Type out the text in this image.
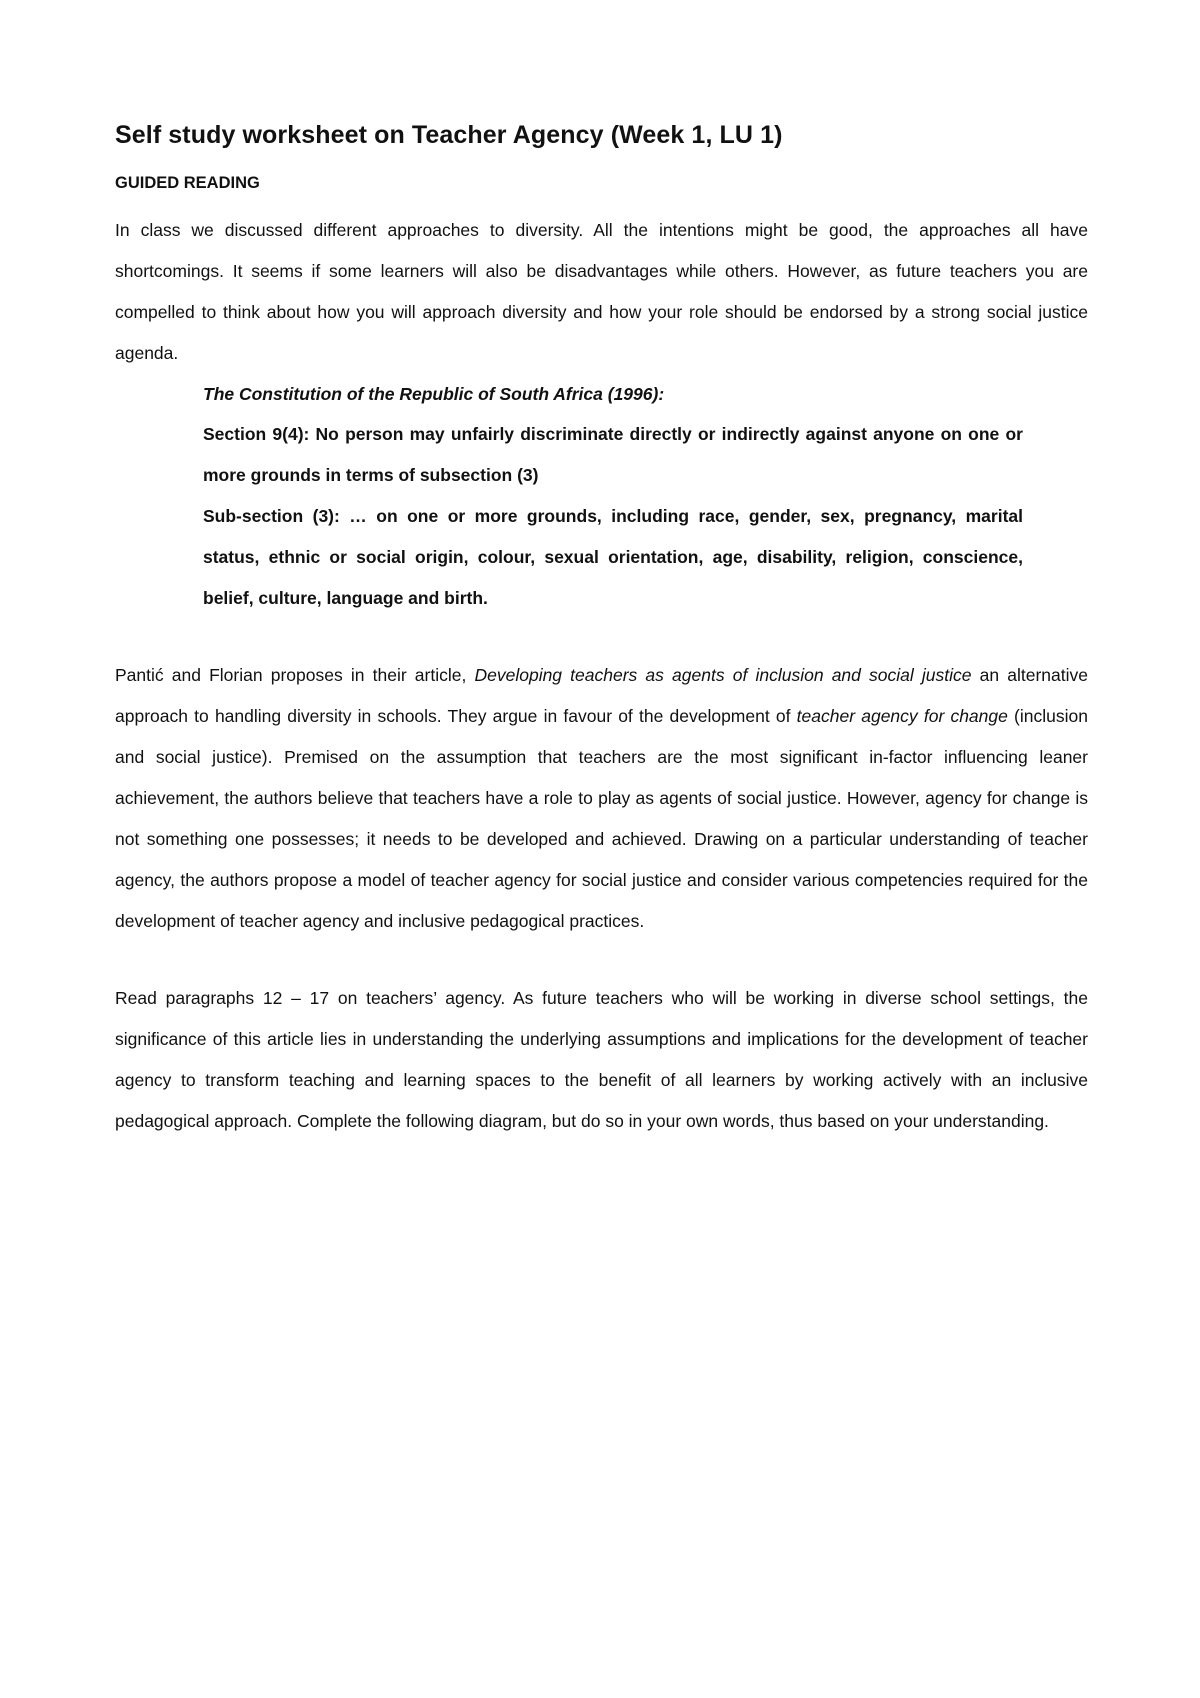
Self study worksheet on Teacher Agency (Week 1, LU 1)
GUIDED READING

In class we discussed different approaches to diversity. All the intentions might be good, the approaches all have shortcomings. It seems if some learners will also be disadvantages while others. However, as future teachers you are compelled to think about how you will approach diversity and how your role should be endorsed by a strong social justice agenda.

The Constitution of the Republic of South Africa (1996):

Section 9(4): No person may unfairly discriminate directly or indirectly against anyone on one or more grounds in terms of subsection (3)

Sub-section (3): … on one or more grounds, including race, gender, sex, pregnancy, marital status, ethnic or social origin, colour, sexual orientation, age, disability, religion, conscience, belief, culture, language and birth.

Pantić and Florian proposes in their article, Developing teachers as agents of inclusion and social justice an alternative approach to handling diversity in schools. They argue in favour of the development of teacher agency for change (inclusion and social justice). Premised on the assumption that teachers are the most significant in-factor influencing leaner achievement, the authors believe that teachers have a role to play as agents of social justice. However, agency for change is not something one possesses; it needs to be developed and achieved. Drawing on a particular understanding of teacher agency, the authors propose a model of teacher agency for social justice and consider various competencies required for the development of teacher agency and inclusive pedagogical practices.

Read paragraphs 12 – 17 on teachers’ agency. As future teachers who will be working in diverse school settings, the significance of this article lies in understanding the underlying assumptions and implications for the development of teacher agency to transform teaching and learning spaces to the benefit of all learners by working actively with an inclusive pedagogical approach. Complete the following diagram, but do so in your own words, thus based on your understanding.
